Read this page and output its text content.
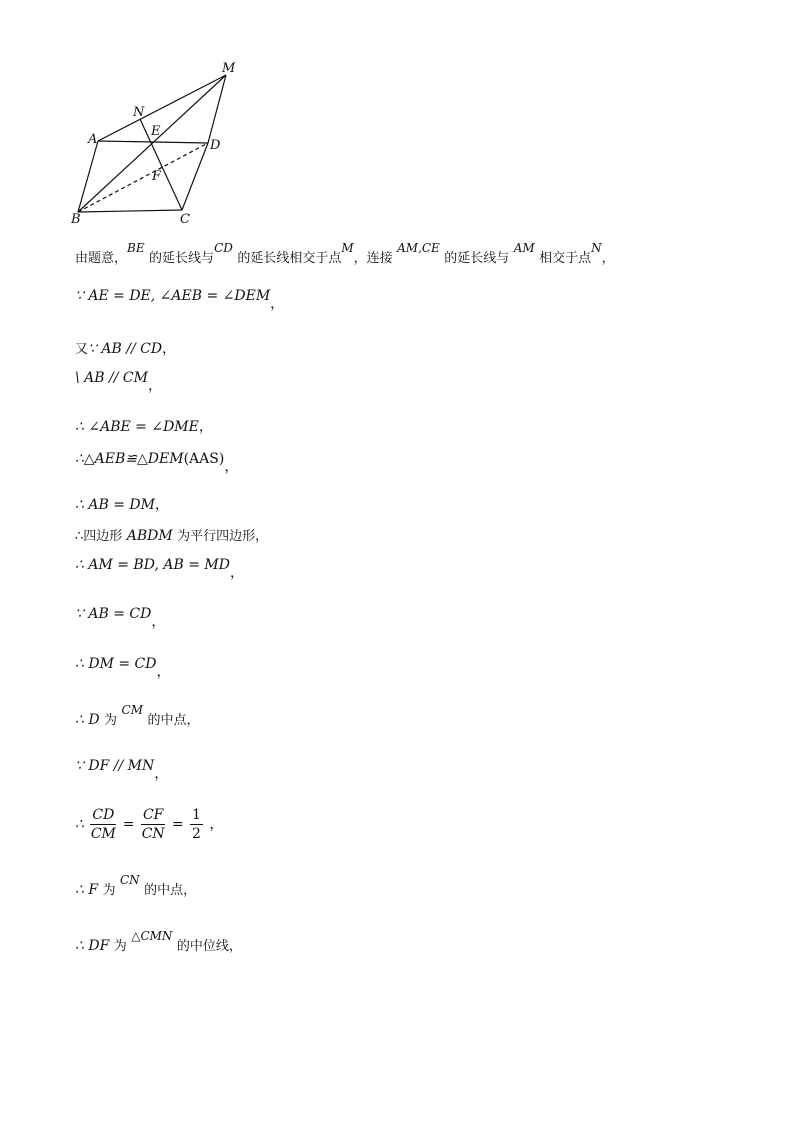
M
N
A
E
D
F
B	C
由题意，BE 的延长线与CD 的延长线相交于点M，连接 AM,CE 的延长线与 AM 相交于点N，
∵ AE = DE, ∠AEB = ∠DEM，
又∵ AB // CD，
\ AB // CM，
∴ ∠ABE = ∠DME，
∴△AEB≌△DEM(AAS)，
∴ AB = DM，
∴四边形 ABDM 为平行四边形，
∴ AM = BD, AB = MD，
∵ AB = CD，
∴ DM = CD，
∴ D 为 CM 的中点，
∵ DF // MN，
∴ $\frac{CD}{CM} = \frac{CF}{CN} = \frac{1}{2}$ ，
∴ F 为 CN 的中点，
∴ DF 为 △CMN 的中位线，
